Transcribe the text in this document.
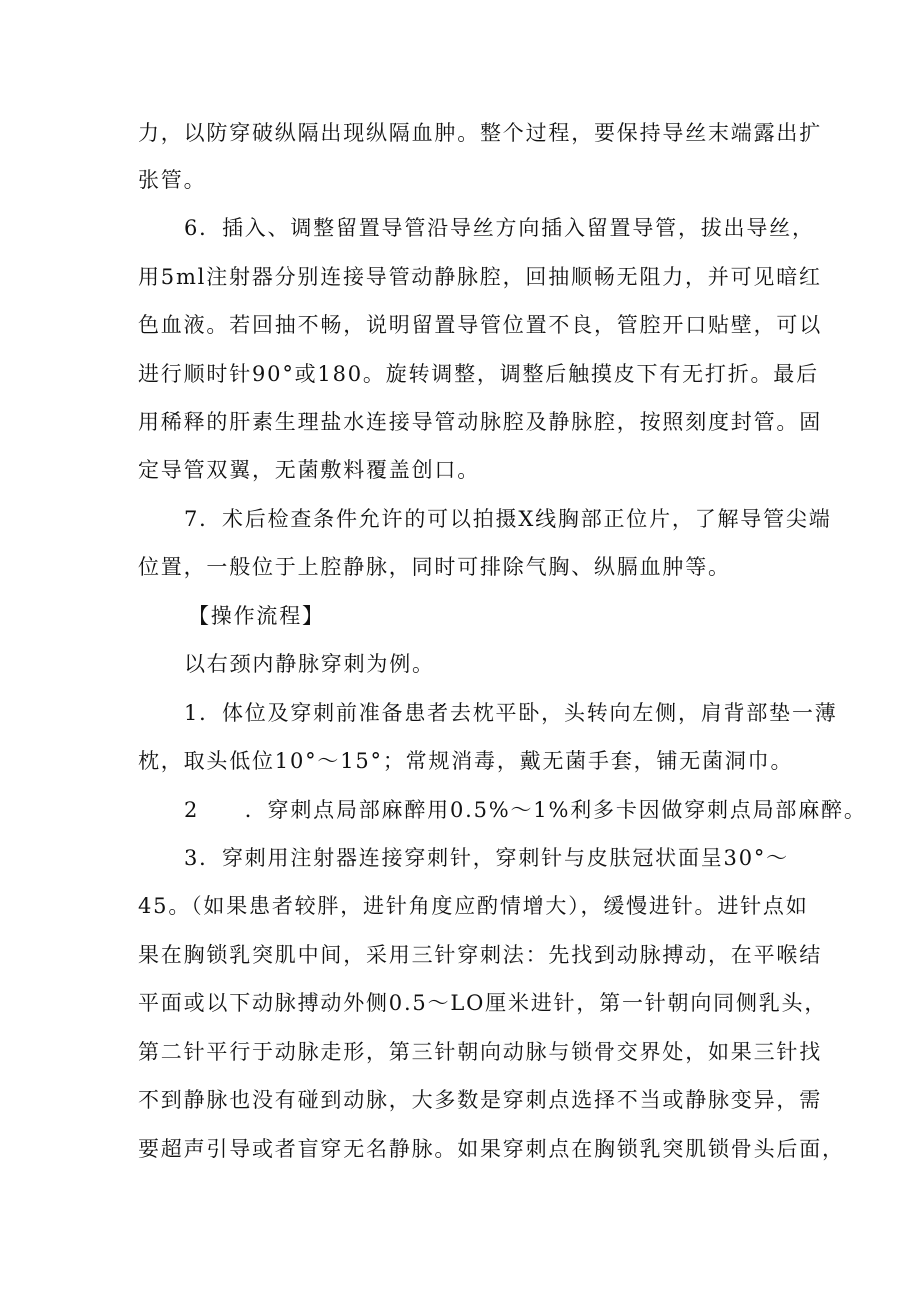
力，以防穿破纵隔出现纵隔血肿。整个过程，要保持导丝末端露出扩

张管。

6．插入、调整留置导管沿导丝方向插入留置导管，拔出导丝，

用5ml注射器分别连接导管动静脉腔，回抽顺畅无阻力，并可见暗红

色血液。若回抽不畅，说明留置导管位置不良，管腔开口贴壁，可以

进行顺时针90°或180。旋转调整，调整后触摸皮下有无打折。最后

用稀释的肝素生理盐水连接导管动脉腔及静脉腔，按照刻度封管。固

定导管双翼，无菌敷料覆盖创口。

7．术后检查条件允许的可以拍摄X线胸部正位片，了解导管尖端

位置，一般位于上腔静脉，同时可排除气胸、纵膈血肿等。

【操作流程】

以右颈内静脉穿刺为例。

1．体位及穿刺前准备患者去枕平卧，头转向左侧，肩背部垫一薄

枕，取头低位10°～15°；常规消毒，戴无菌手套，铺无菌洞巾。

2　　．穿刺点局部麻醉用0.5%～1%利多卡因做穿刺点局部麻醉。

3．穿刺用注射器连接穿刺针，穿刺针与皮肤冠状面呈30°～

45。（如果患者较胖，进针角度应酌情增大），缓慢进针。进针点如

果在胸锁乳突肌中间，采用三针穿刺法：先找到动脉搏动，在平喉结

平面或以下动脉搏动外侧0.5～LO厘米进针，第一针朝向同侧乳头，

第二针平行于动脉走形，第三针朝向动脉与锁骨交界处，如果三针找

不到静脉也没有碰到动脉，大多数是穿刺点选择不当或静脉变异，需

要超声引导或者盲穿无名静脉。如果穿刺点在胸锁乳突肌锁骨头后面，
